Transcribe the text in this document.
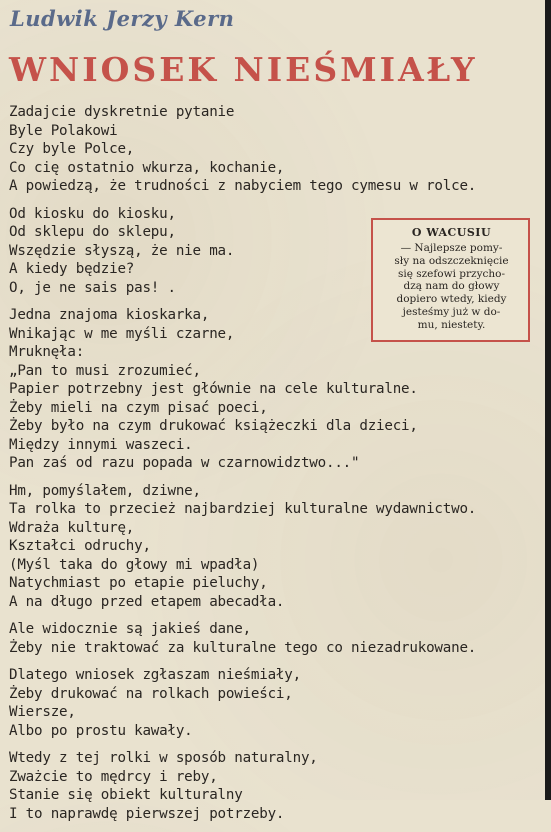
Ludwik Jerzy Kern
WNIOSEK NIEŚMIAŁY
Zadajcie dyskretnie pytanie
Byle Polakowi
Czy byle Polce,
Co cię ostatnio wkurza, kochanie,
A powiedzą, że trudności z nabyciem tego cymesu w rolce.
Od kiosku do kiosku,
Od sklepu do sklepu,
Wszędzie słyszą, że nie ma.
A kiedy będzie?
O, je ne sais pas! .
Jedna znajoma kioskarka,
Wnikając w me myśli czarne,
Mruknęła:
„Pan to musi zrozumieć,
Papier potrzebny jest głównie na cele kulturalne.
Żeby mieli na czym pisać poeci,
Żeby było na czym drukować książeczki dla dzieci,
Między innymi waszeci.
Pan zaś od razu popada w czarnowidztwo..."
Hm, pomyślałem, dziwne,
Ta rolka to przecież najbardziej kulturalne wydawnictwo.
Wdraża kulturę,
Kształci odruchy,
(Myśl taka do głowy mi wpadła)
Natychmiast po etapie pieluchy,
A na długo przed etapem abecadła.
Ale widocznie są jakieś dane,
Żeby nie traktować za kulturalne tego co niezadrukowane.
Dlatego wniosek zgłaszam nieśmiały,
Żeby drukować na rolkach powieści,
Wiersze,
Albo po prostu kawały.
Wtedy z tej rolki w sposób naturalny,
Zważcie to mędrcy i reby,
Stanie się obiekt kulturalny
I to naprawdę pierwszej potrzeby.
O WACUSIU
— Najlepsze pomy-
sły na odszczeknięcie
się szefowi przycho-
dzą nam do głowy
dopiero wtedy, kiedy
jesteśmy już w do-
mu, niestety.
